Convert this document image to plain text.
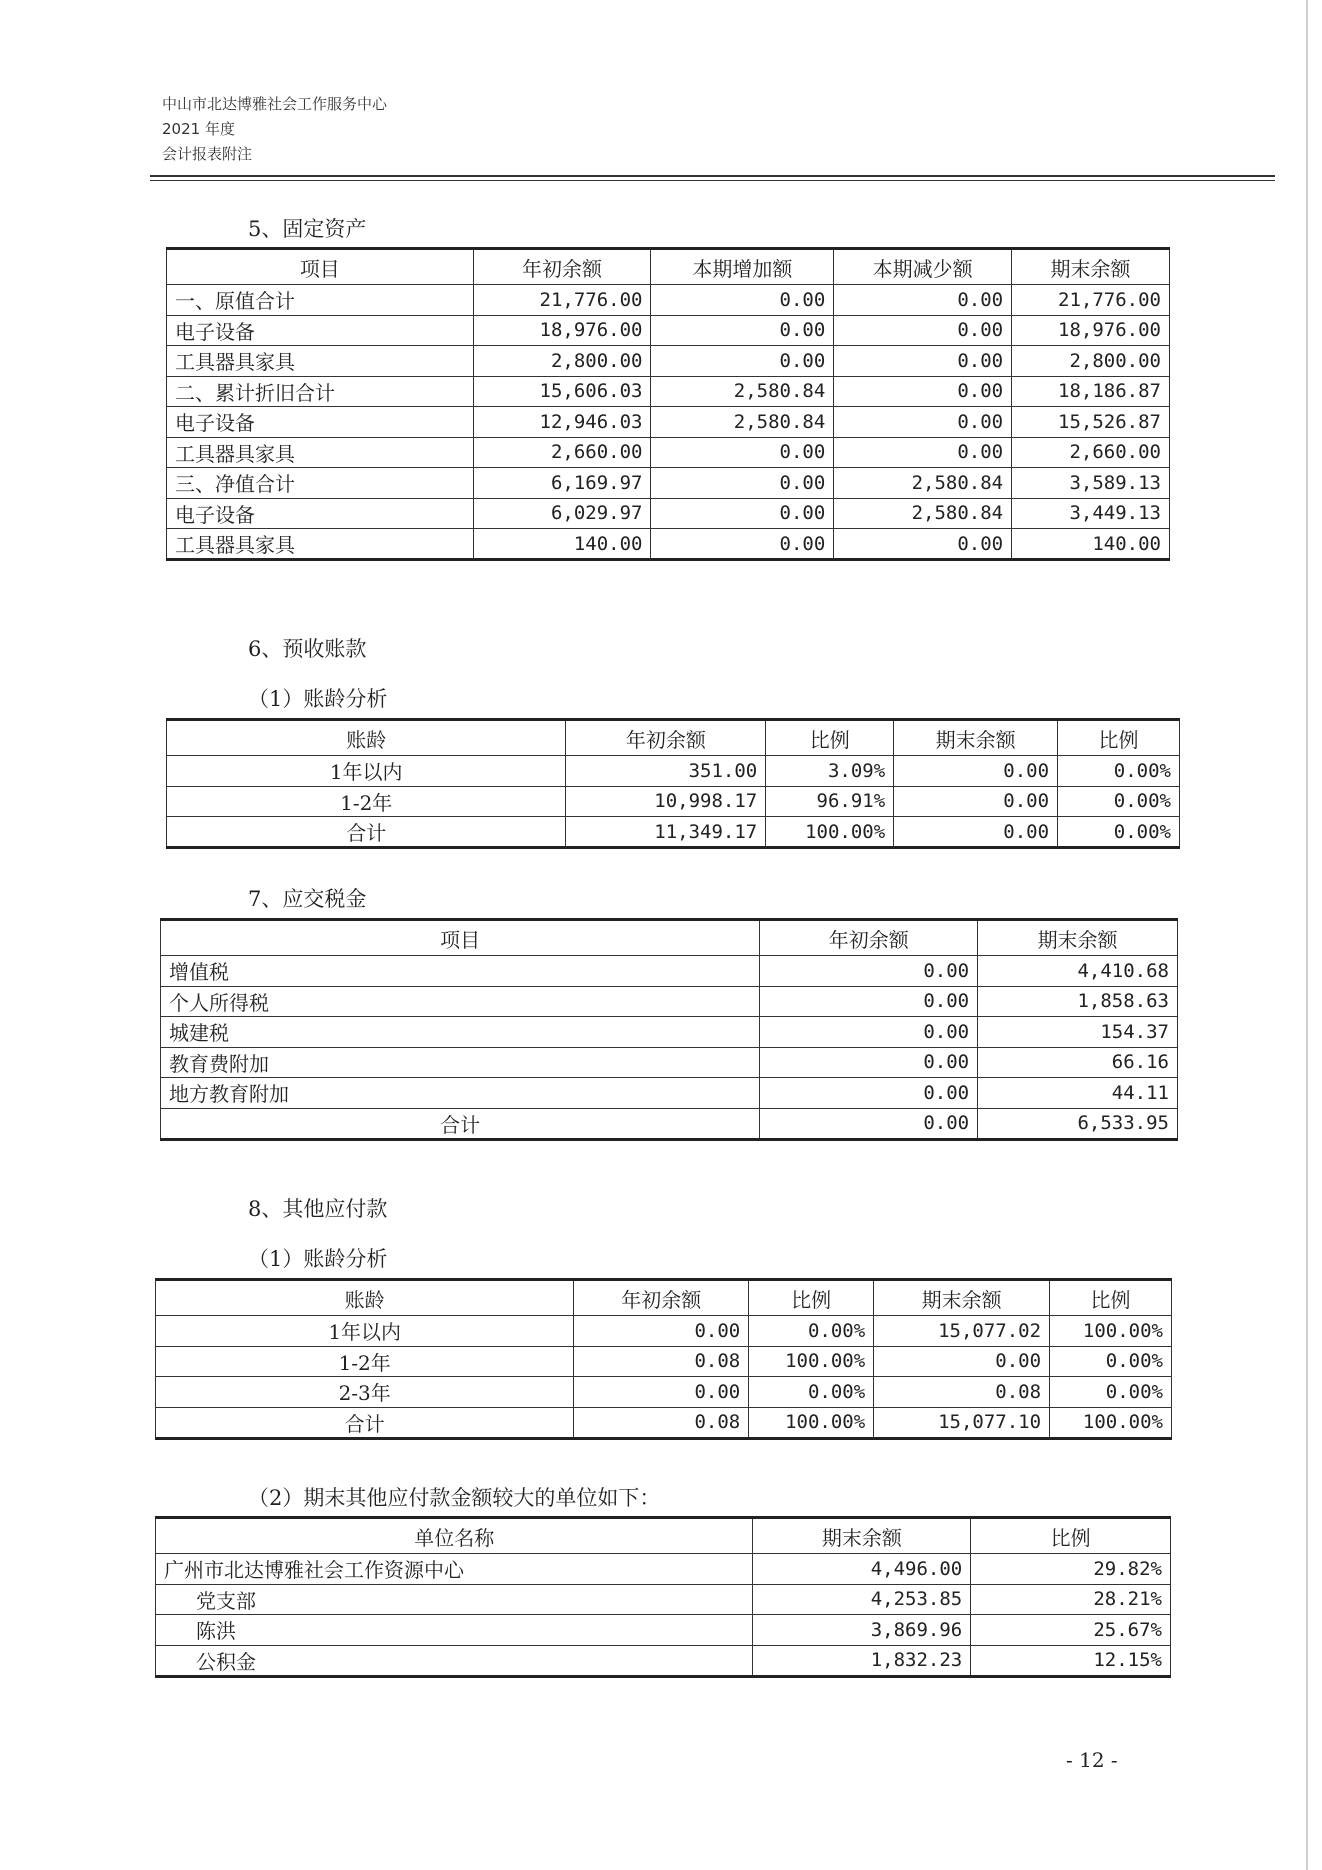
中山市北达博雅社会工作服务中心
2021 年度
会计报表附注
5、固定资产
项目	年初余额	本期增加额	本期减少额	期末余额
一、原值合计	21,776.00	0.00	0.00	21,776.00
电子设备	18,976.00	0.00	0.00	18,976.00
工具器具家具	2,800.00	0.00	0.00	2,800.00
二、累计折旧合计	15,606.03	2,580.84	0.00	18,186.87
电子设备	12,946.03	2,580.84	0.00	15,526.87
工具器具家具	2,660.00	0.00	0.00	2,660.00
三、净值合计	6,169.97	0.00	2,580.84	3,589.13
电子设备	6,029.97	0.00	2,580.84	3,449.13
工具器具家具	140.00	0.00	0.00	140.00
6、预收账款
（1）账龄分析
账龄	年初余额	比例	期末余额	比例
1年以内	351.00	3.09%	0.00	0.00%
1-2年	10,998.17	96.91%	0.00	0.00%
合计	11,349.17	100.00%	0.00	0.00%
7、应交税金
项目	年初余额	期末余额
增值税	0.00	4,410.68
个人所得税	0.00	1,858.63
城建税	0.00	154.37
教育费附加	0.00	66.16
地方教育附加	0.00	44.11
合计	0.00	6,533.95
8、其他应付款
（1）账龄分析
账龄	年初余额	比例	期末余额	比例
1年以内	0.00	0.00%	15,077.02	100.00%
1-2年	0.08	100.00%	0.00	0.00%
2-3年	0.00	0.00%	0.08	0.00%
合计	0.08	100.00%	15,077.10	100.00%
（2）期末其他应付款金额较大的单位如下：
单位名称	期末余额	比例
广州市北达博雅社会工作资源中心	4,496.00	29.82%
党支部	4,253.85	28.21%
陈洪	3,869.96	25.67%
公积金	1,832.23	12.15%
- 12 -
